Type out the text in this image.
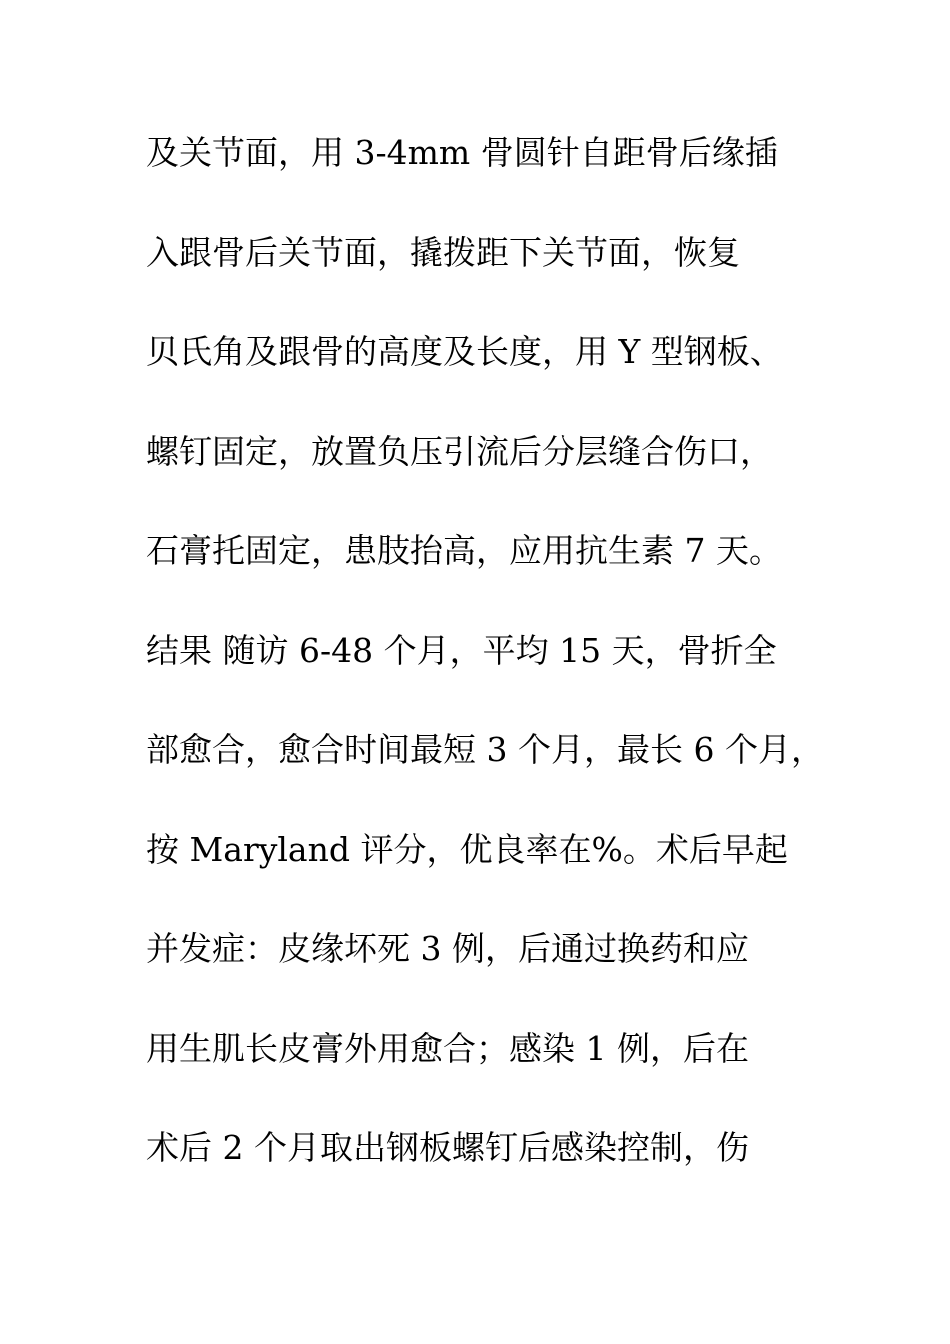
及关节面，用 3-4mm 骨圆针自距骨后缘插
入跟骨后关节面，撬拨距下关节面，恢复
贝氏角及跟骨的高度及长度，用 Y 型钢板、
螺钉固定，放置负压引流后分层缝合伤口，
石膏托固定，患肢抬高，应用抗生素 7 天。
结果 随访 6-48 个月，平均 15 天，骨折全
部愈合，愈合时间最短 3 个月，最长 6 个月，
按 Maryland 评分，优良率在%。术后早起
并发症：皮缘坏死 3 例，后通过换药和应
用生肌长皮膏外用愈合；感染 1 例，后在
术后 2 个月取出钢板螺钉后感染控制，伤
